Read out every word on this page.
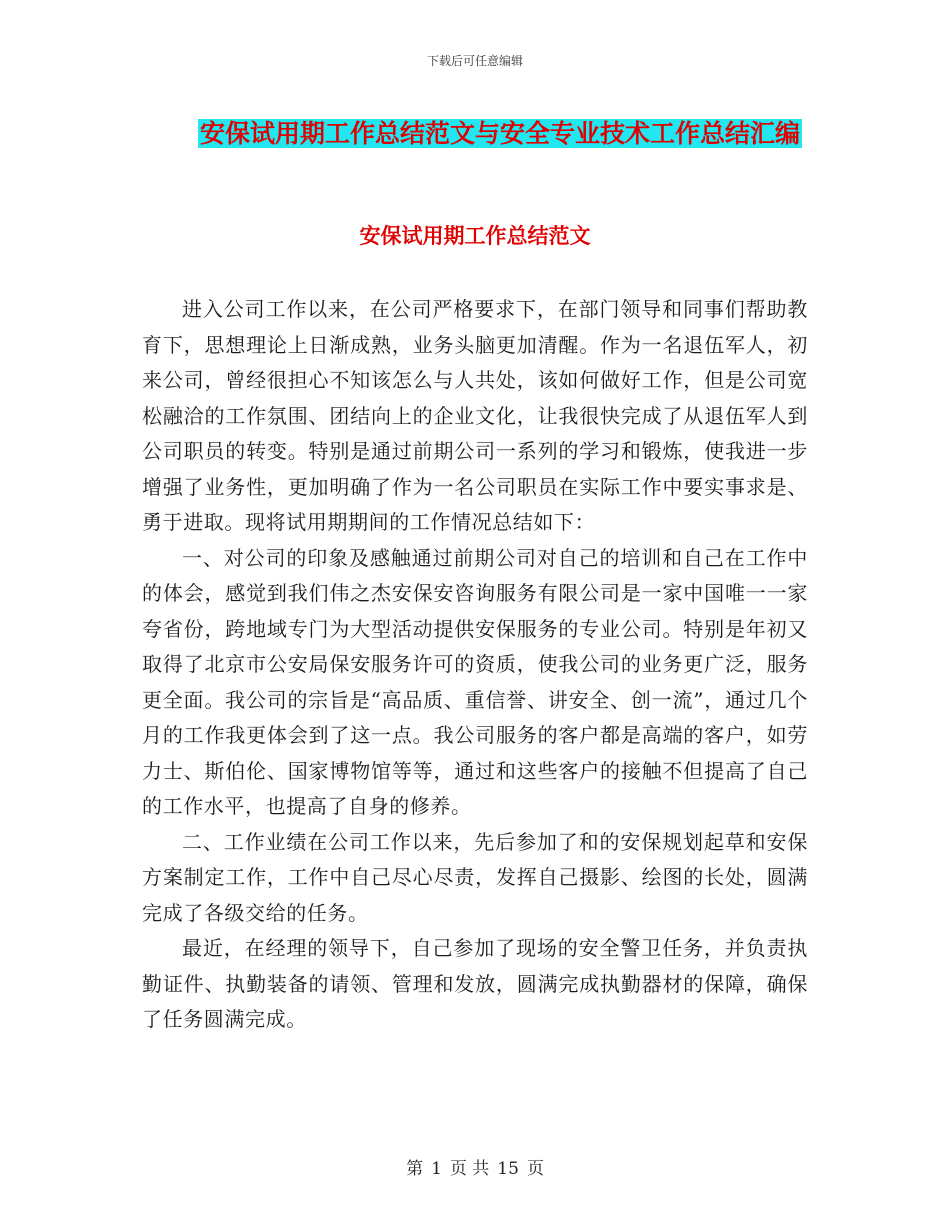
下载后可任意编辑
安保试用期工作总结范文与安全专业技术工作总结汇编
安保试用期工作总结范文

进入公司工作以来，在公司严格要求下，在部门领导和同事们帮助教育下，思想理论上日渐成熟，业务头脑更加清醒。作为一名退伍军人，初来公司，曾经很担心不知该怎么与人共处，该如何做好工作，但是公司宽松融洽的工作氛围、团结向上的企业文化，让我很快完成了从退伍军人到公司职员的转变。特别是通过前期公司一系列的学习和锻炼，使我进一步增强了业务性，更加明确了作为一名公司职员在实际工作中要实事求是、勇于进取。现将试用期期间的工作情况总结如下：

一、对公司的印象及感触通过前期公司对自己的培训和自己在工作中的体会，感觉到我们伟之杰安保安咨询服务有限公司是一家中国唯一一家夸省份，跨地域专门为大型活动提供安保服务的专业公司。特别是年初又取得了北京市公安局保安服务许可的资质，使我公司的业务更广泛，服务更全面。我公司的宗旨是“高品质、重信誉、讲安全、创一流”，通过几个月的工作我更体会到了这一点。我公司服务的客户都是高端的客户，如劳力士、斯伯伦、国家博物馆等等，通过和这些客户的接触不但提高了自己的工作水平，也提高了自身的修养。

二、工作业绩在公司工作以来，先后参加了和的安保规划起草和安保方案制定工作，工作中自己尽心尽责，发挥自己摄影、绘图的长处，圆满完成了各级交给的任务。

最近，在经理的领导下，自己参加了现场的安全警卫任务，并负责执勤证件、执勤装备的请领、管理和发放，圆满完成执勤器材的保障，确保了任务圆满完成。

第 1 页 共 15 页
